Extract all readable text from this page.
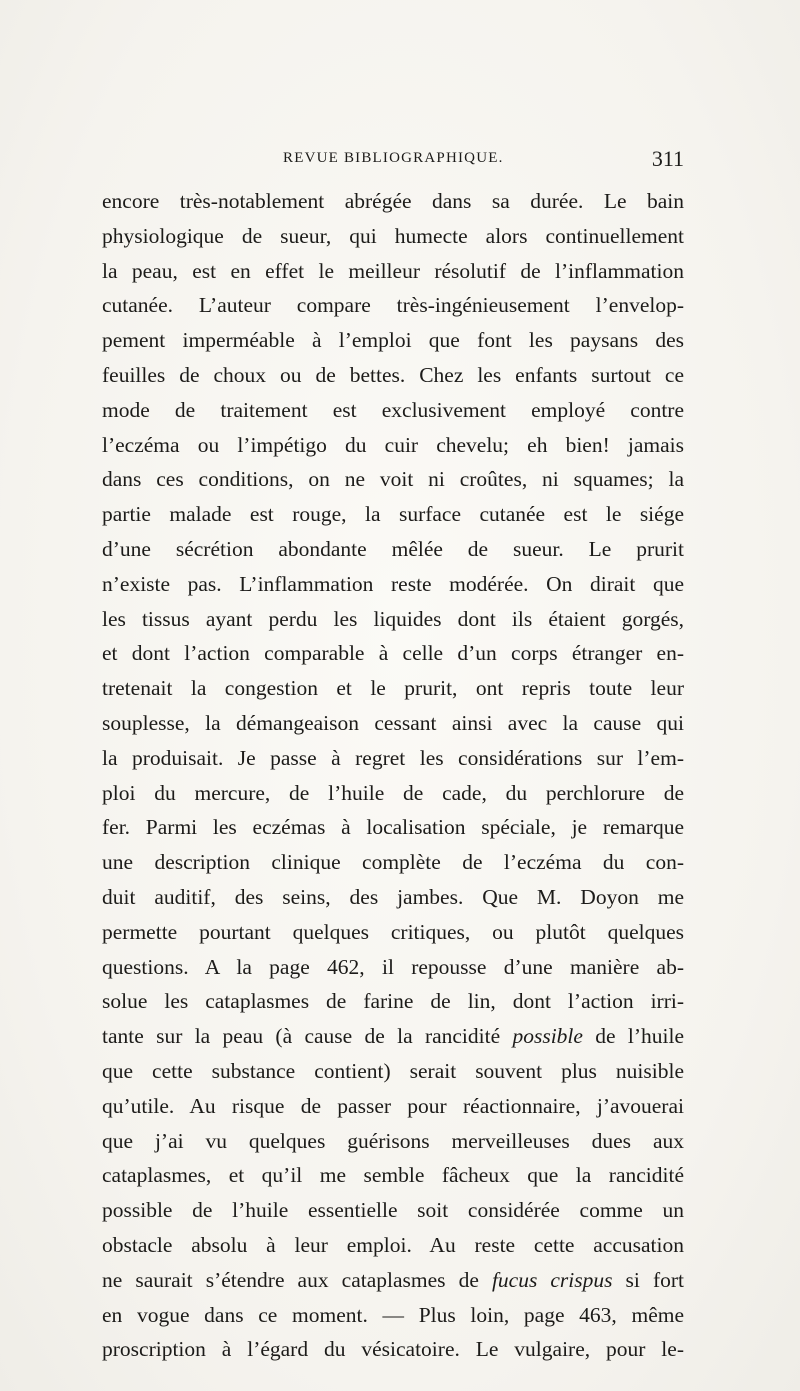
REVUE BIBLIOGRAPHIQUE.	311
encore très-notablement abrégée dans sa durée. Le bain
physiologique de sueur, qui humecte alors continuellement
la peau, est en effet le meilleur résolutif de l’inflammation
cutanée. L’auteur compare très-ingénieusement l’envelop-
pement imperméable à l’emploi que font les paysans des
feuilles de choux ou de bettes. Chez les enfants surtout ce
mode de traitement est exclusivement employé contre
l’eczéma ou l’impétigo du cuir chevelu; eh bien! jamais
dans ces conditions, on ne voit ni croûtes, ni squames; la
partie malade est rouge, la surface cutanée est le siége
d’une sécrétion abondante mêlée de sueur. Le prurit
n’existe pas. L’inflammation reste modérée. On dirait que
les tissus ayant perdu les liquides dont ils étaient gorgés,
et dont l’action comparable à celle d’un corps étranger en-
tretenait la congestion et le prurit, ont repris toute leur
souplesse, la démangeaison cessant ainsi avec la cause qui
la produisait. Je passe à regret les considérations sur l’em-
ploi du mercure, de l’huile de cade, du perchlorure de
fer. Parmi les eczémas à localisation spéciale, je remarque
une description clinique complète de l’eczéma du con-
duit auditif, des seins, des jambes. Que M. Doyon me
permette pourtant quelques critiques, ou plutôt quelques
questions. A la page 462, il repousse d’une manière ab-
solue les cataplasmes de farine de lin, dont l’action irri-
tante sur la peau (à cause de la rancidité possible de l’huile
que cette substance contient) serait souvent plus nuisible
qu’utile. Au risque de passer pour réactionnaire, j’avouerai
que j’ai vu quelques guérisons merveilleuses dues aux
cataplasmes, et qu’il me semble fâcheux que la rancidité
possible de l’huile essentielle soit considérée comme un
obstacle absolu à leur emploi. Au reste cette accusation
ne saurait s’étendre aux cataplasmes de fucus crispus si fort
en vogue dans ce moment. — Plus loin, page 463, même
proscription à l’égard du vésicatoire. Le vulgaire, pour le-
